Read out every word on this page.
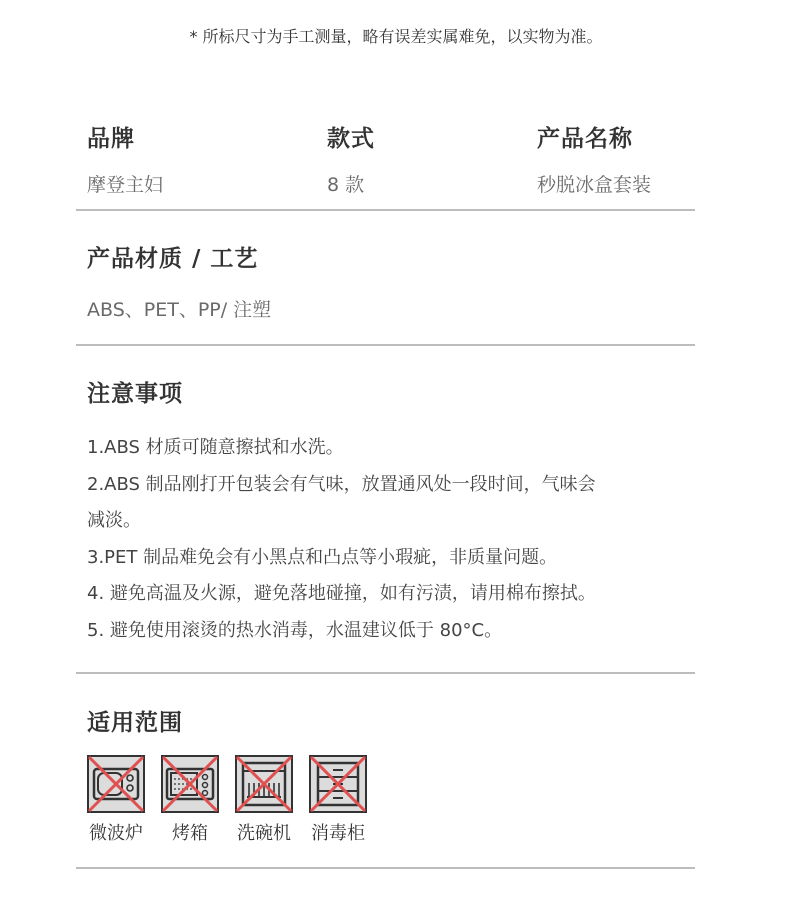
* 所标尺寸为手工测量，略有误差实属难免，以实物为准。
品牌
摩登主妇
款式
8 款
产品名称
秒脱冰盒套装
产品材质 / 工艺
ABS、PET、PP/ 注塑
注意事项
1.ABS 材质可随意擦拭和水洗。
2.ABS 制品刚打开包装会有气味，放置通风处一段时间，气味会
减淡。
3.PET 制品难免会有小黑点和凸点等小瑕疵，非质量问题。
4. 避免高温及火源，避免落地碰撞，如有污渍，请用棉布擦拭。
5. 避免使用滚烫的热水消毒，水温建议低于 80°C。
适用范围
微波炉 烤箱 洗碗机 消毒柜
